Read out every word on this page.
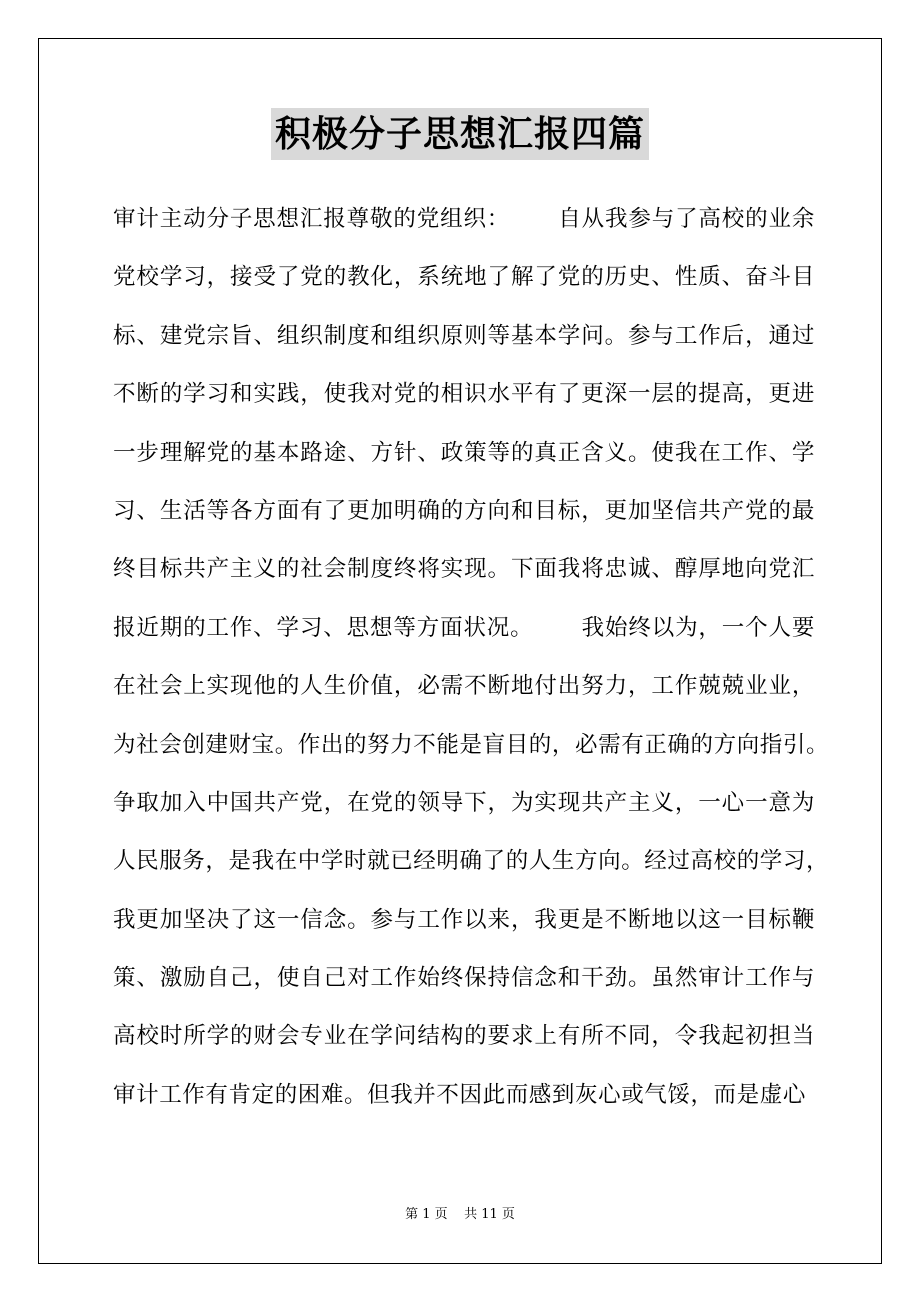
积极分子思想汇报四篇
审计主动分子思想汇报尊敬的党组织：      自从我参与了高校的业余
党校学习，接受了党的教化，系统地了解了党的历史、性质、奋斗目
标、建党宗旨、组织制度和组织原则等基本学问。参与工作后，通过
不断的学习和实践，使我对党的相识水平有了更深一层的提高，更进
一步理解党的基本路途、方针、政策等的真正含义。使我在工作、学
习、生活等各方面有了更加明确的方向和目标，更加坚信共产党的最
终目标共产主义的社会制度终将实现。下面我将忠诚、醇厚地向党汇
报近期的工作、学习、思想等方面状况。      我始终以为，一个人要
在社会上实现他的人生价值，必需不断地付出努力，工作兢兢业业，
为社会创建财宝。作出的努力不能是盲目的，必需有正确的方向指引。
争取加入中国共产党，在党的领导下，为实现共产主义，一心一意为
人民服务，是我在中学时就已经明确了的人生方向。经过高校的学习，
我更加坚决了这一信念。参与工作以来，我更是不断地以这一目标鞭
策、激励自己，使自己对工作始终保持信念和干劲。虽然审计工作与
高校时所学的财会专业在学问结构的要求上有所不同，令我起初担当
审计工作有肯定的困难。但我并不因此而感到灰心或气馁，而是虚心
第 1 页    共 11 页
